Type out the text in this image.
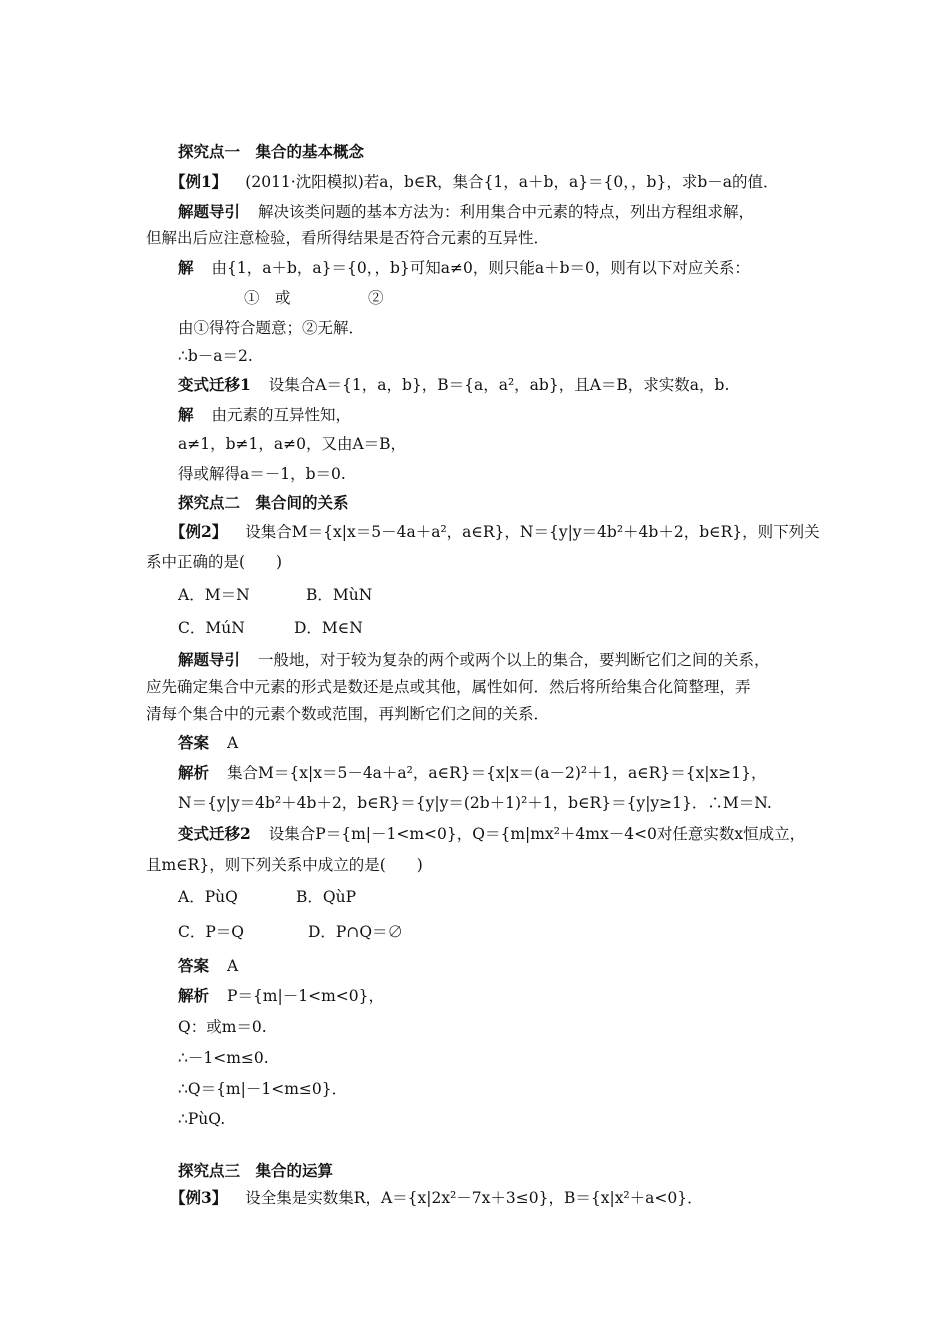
探究点一　集合的基本概念
【例1】 (2011·沈阳模拟)若a，b∈R，集合{1，a＋b，a}＝{0，，b}，求b－a的值．
解题导引 解决该类问题的基本方法为：利用集合中元素的特点，列出方程组求解，
但解出后应注意检验，看所得结果是否符合元素的互异性．
解 由{1，a＋b，a}＝{0，，b}可知a≠0，则只能a＋b＝0，则有以下对应关系：
①　或　　　　　②
由①得符合题意；②无解．
∴b－a＝2.
变式迁移1 设集合A＝{1，a，b}，B＝{a，a²，ab}，且A＝B，求实数a，b.
解 由元素的互异性知，
a≠1，b≠1，a≠0，又由A＝B，
得或解得a＝－1，b＝0.
探究点二　集合间的关系
【例2】 设集合M＝{x|x＝5－4a＋a²，a∈R}，N＝{y|y＝4b²＋4b＋2，b∈R}，则下列关
系中正确的是(　　)
A．M＝N	B．MùN
C．MúN	D．M∈N
解题导引 一般地，对于较为复杂的两个或两个以上的集合，要判断它们之间的关系，
应先确定集合中元素的形式是数还是点或其他，属性如何．然后将所给集合化简整理，弄
清每个集合中的元素个数或范围，再判断它们之间的关系．
答案 A
解析 集合M＝{x|x＝5－4a＋a²，a∈R}＝{x|x＝(a－2)²＋1，a∈R}＝{x|x≥1}，
N＝{y|y＝4b²＋4b＋2，b∈R}＝{y|y＝(2b＋1)²＋1，b∈R}＝{y|y≥1}．∴M＝N.
变式迁移2 设集合P＝{m|－1<m<0}，Q＝{m|mx²＋4mx－4<0对任意实数x恒成立，
且m∈R}，则下列关系中成立的是(　　)
A．PùQ	B．QùP
C．P＝Q	D．P∩Q＝∅
答案 A
解析 P＝{m|－1<m<0}，
Q：或m＝0.
∴－1<m≤0.
∴Q＝{m|－1<m≤0}．
∴PùQ.
探究点三　集合的运算
【例3】 设全集是实数集R，A＝{x|2x²－7x＋3≤0}，B＝{x|x²＋a<0}．
